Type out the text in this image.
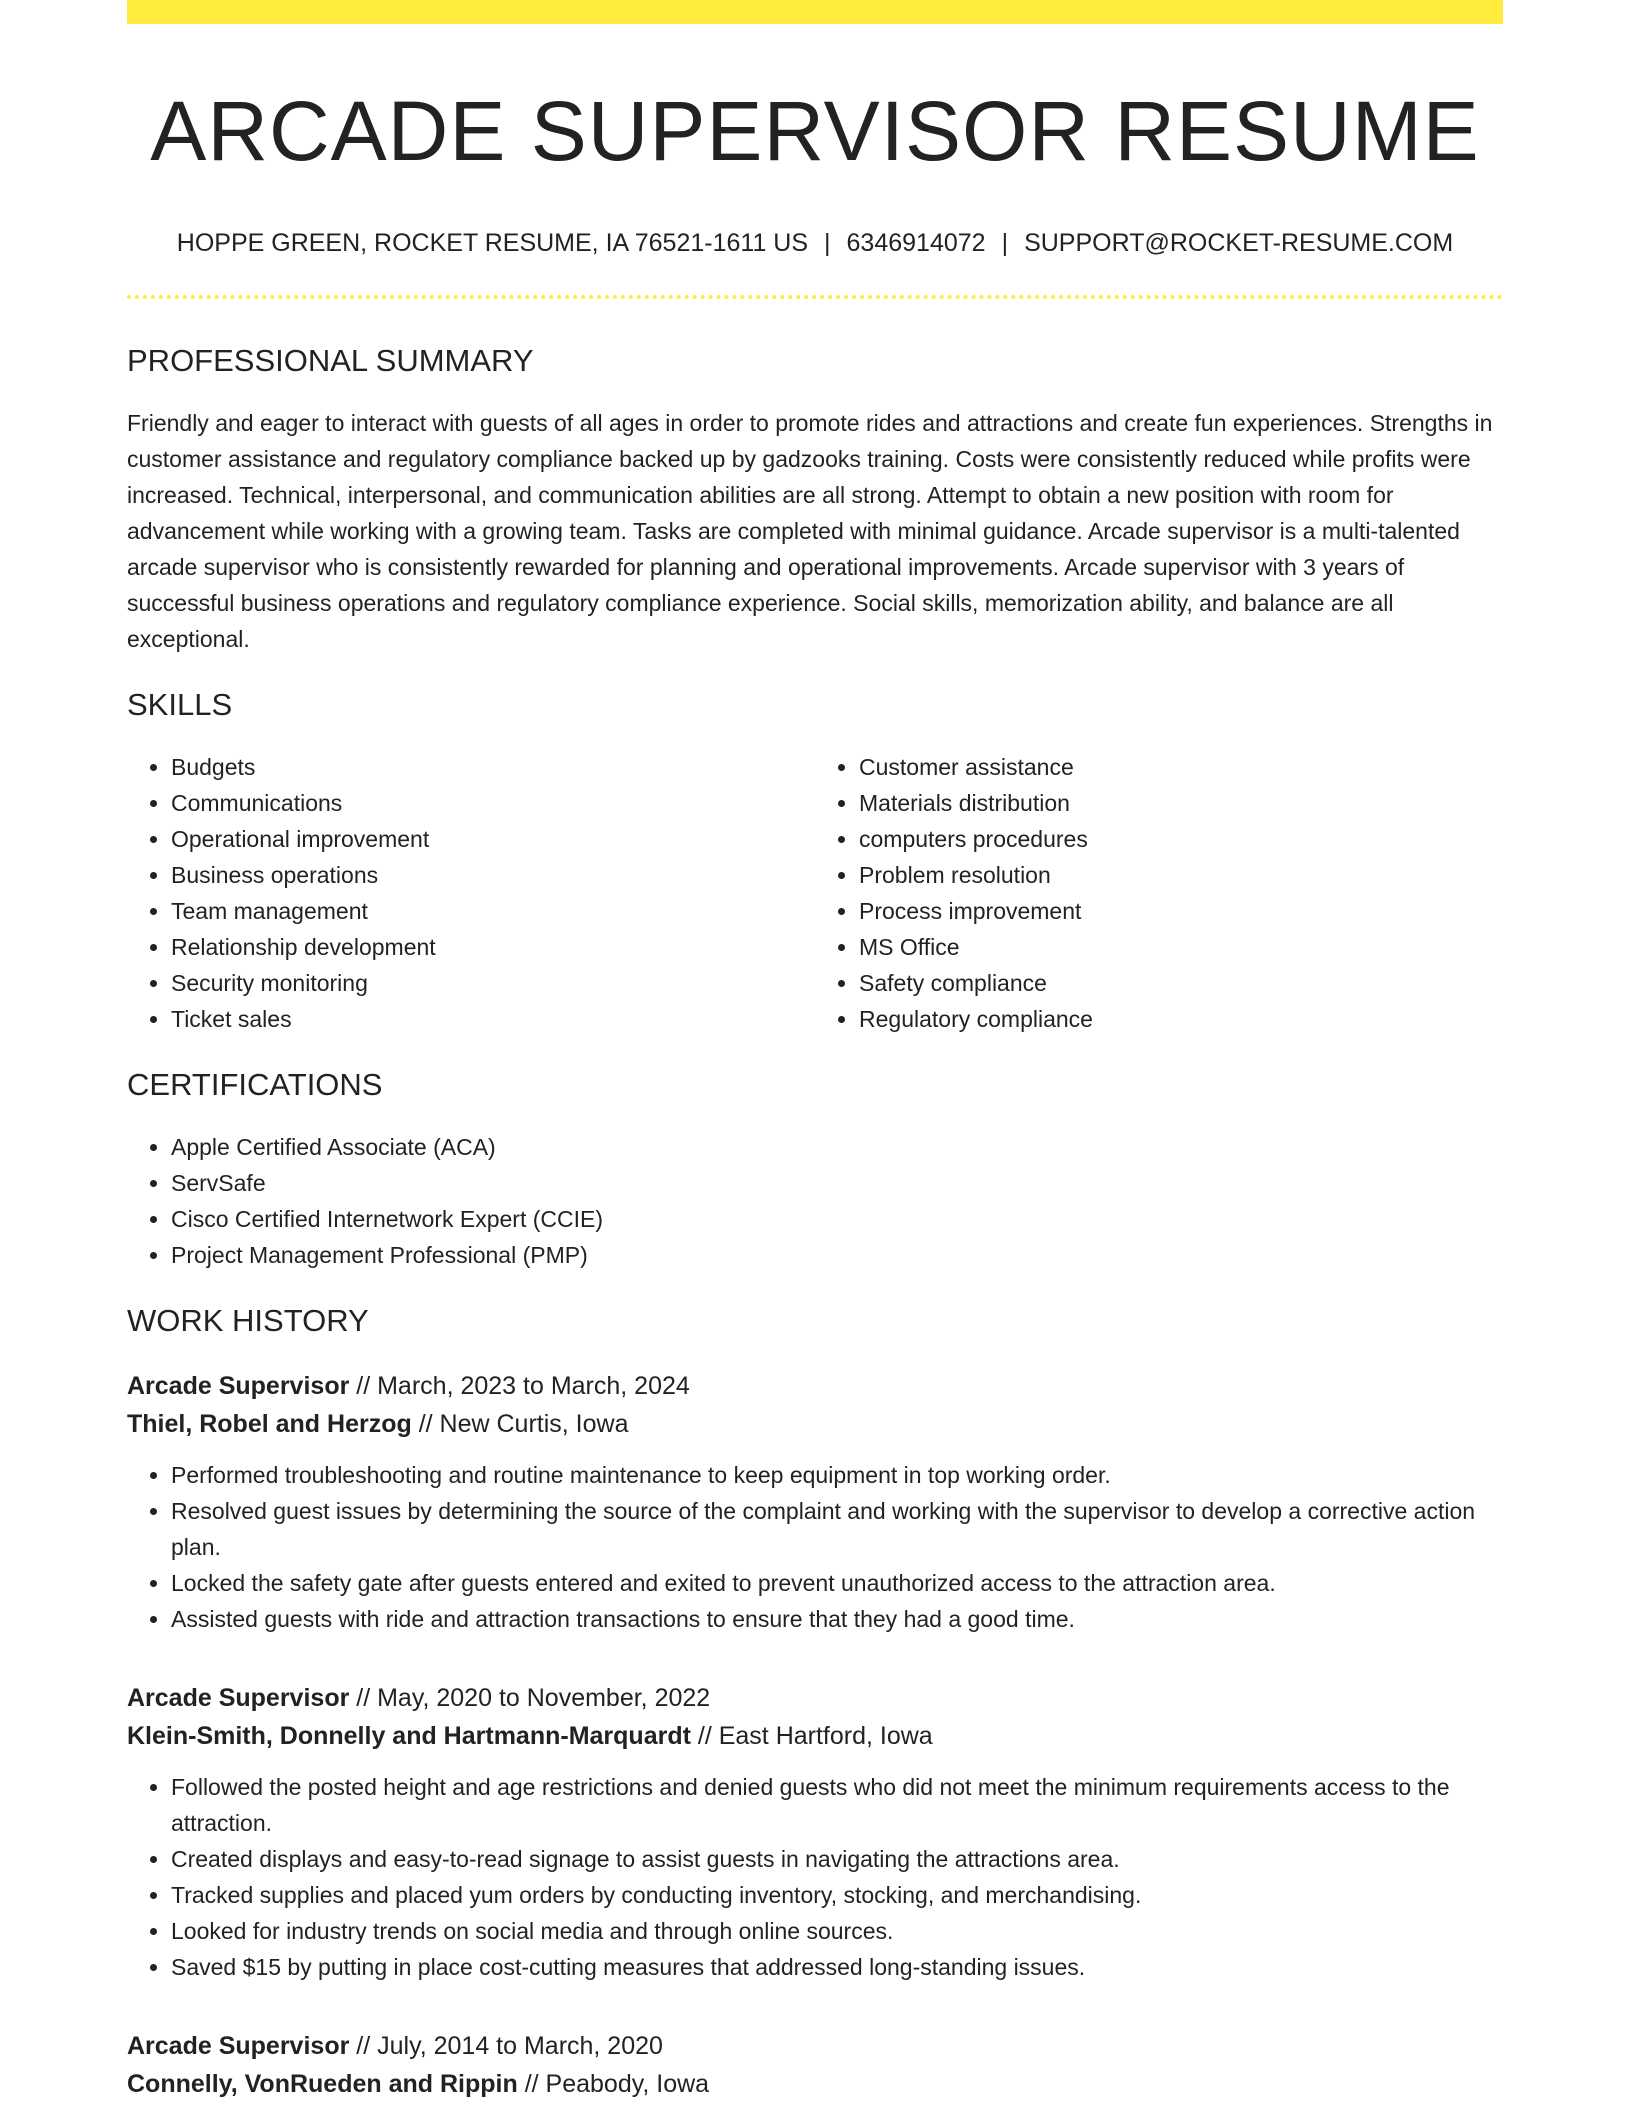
ARCADE SUPERVISOR RESUME
HOPPE GREEN, ROCKET RESUME, IA 76521-1611 US | 6346914072 | SUPPORT@ROCKET-RESUME.COM
PROFESSIONAL SUMMARY

Friendly and eager to interact with guests of all ages in order to promote rides and attractions and create fun experiences. Strengths in customer assistance and regulatory compliance backed up by gadzooks training. Costs were consistently reduced while profits were increased. Technical, interpersonal, and communication abilities are all strong. Attempt to obtain a new position with room for advancement while working with a growing team. Tasks are completed with minimal guidance. Arcade supervisor is a multi-talented arcade supervisor who is consistently rewarded for planning and operational improvements. Arcade supervisor with 3 years of successful business operations and regulatory compliance experience. Social skills, memorization ability, and balance are all exceptional.

SKILLS
• Budgets
• Communications
• Operational improvement
• Business operations
• Team management
• Relationship development
• Security monitoring
• Ticket sales
• Customer assistance
• Materials distribution
• computers procedures
• Problem resolution
• Process improvement
• MS Office
• Safety compliance
• Regulatory compliance
CERTIFICATIONS
• Apple Certified Associate (ACA)
• ServSafe
• Cisco Certified Internetwork Expert (CCIE)
• Project Management Professional (PMP)
WORK HISTORY
Arcade Supervisor // March, 2023 to March, 2024
Thiel, Robel and Herzog // New Curtis, Iowa
• Performed troubleshooting and routine maintenance to keep equipment in top working order.
• Resolved guest issues by determining the source of the complaint and working with the supervisor to develop a corrective action plan.
• Locked the safety gate after guests entered and exited to prevent unauthorized access to the attraction area.
• Assisted guests with ride and attraction transactions to ensure that they had a good time.
Arcade Supervisor // May, 2020 to November, 2022
Klein-Smith, Donnelly and Hartmann-Marquardt // East Hartford, Iowa
• Followed the posted height and age restrictions and denied guests who did not meet the minimum requirements access to the attraction.
• Created displays and easy-to-read signage to assist guests in navigating the attractions area.
• Tracked supplies and placed yum orders by conducting inventory, stocking, and merchandising.
• Looked for industry trends on social media and through online sources.
• Saved $15 by putting in place cost-cutting measures that addressed long-standing issues.
Arcade Supervisor // July, 2014 to March, 2020
Connelly, VonRueden and Rippin // Peabody, Iowa
